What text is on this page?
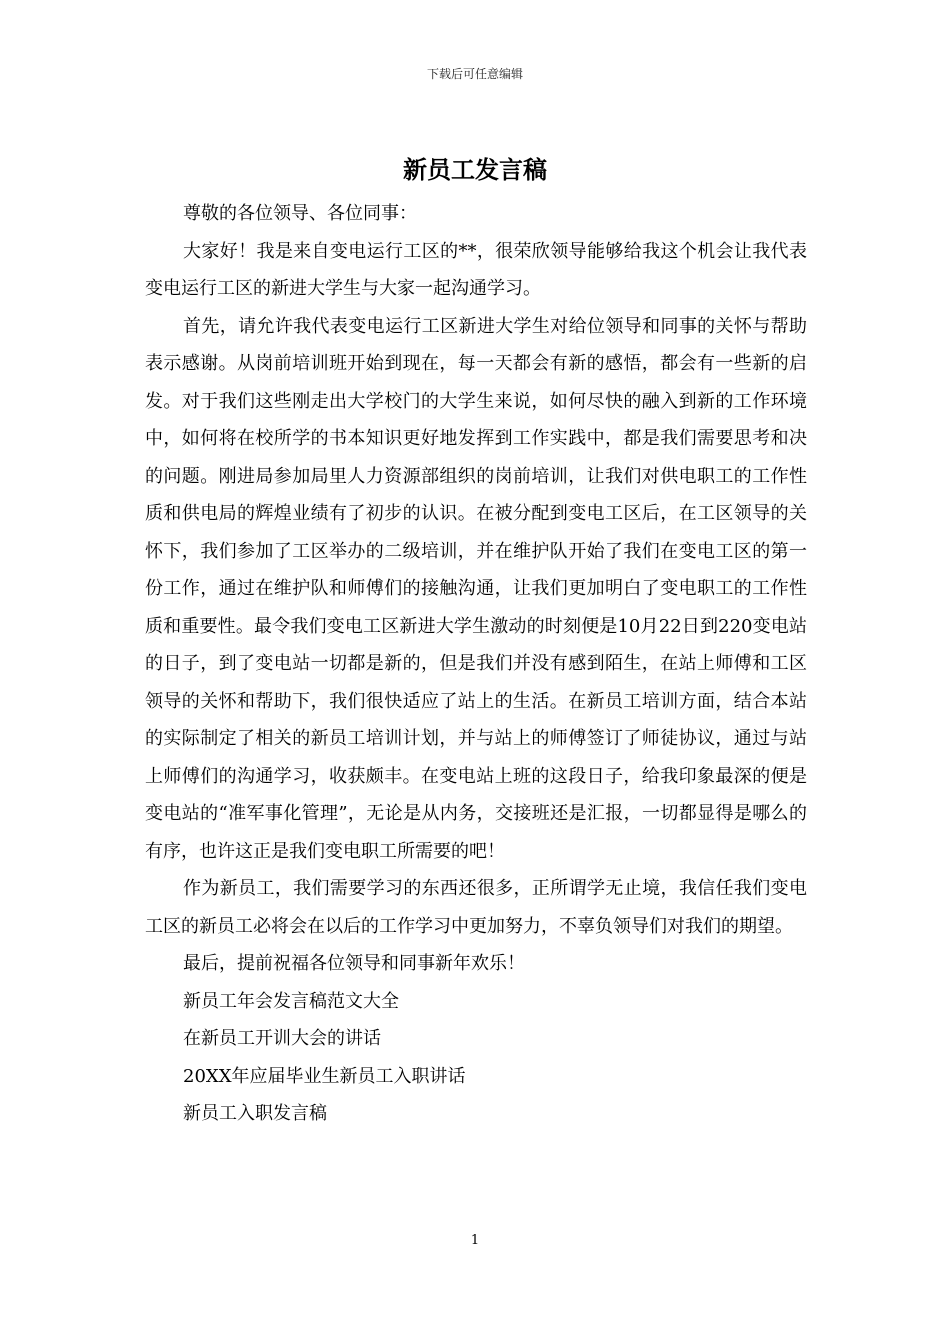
下载后可任意编辑
新员工发言稿

尊敬的各位领导、各位同事：

大家好！我是来自变电运行工区的**，很荣欣领导能够给我这个机会让我代表变电运行工区的新进大学生与大家一起沟通学习。

首先，请允许我代表变电运行工区新进大学生对给位领导和同事的关怀与帮助表示感谢。从岗前培训班开始到现在，每一天都会有新的感悟，都会有一些新的启发。对于我们这些刚走出大学校门的大学生来说，如何尽快的融入到新的工作环境中，如何将在校所学的书本知识更好地发挥到工作实践中，都是我们需要思考和决的问题。刚进局参加局里人力资源部组织的岗前培训，让我们对供电职工的工作性质和供电局的辉煌业绩有了初步的认识。在被分配到变电工区后，在工区领导的关怀下，我们参加了工区举办的二级培训，并在维护队开始了我们在变电工区的第一份工作，通过在维护队和师傅们的接触沟通，让我们更加明白了变电职工的工作性质和重要性。最令我们变电工区新进大学生激动的时刻便是10月22日到220变电站的日子，到了变电站一切都是新的，但是我们并没有感到陌生，在站上师傅和工区领导的关怀和帮助下，我们很快适应了站上的生活。在新员工培训方面，结合本站的实际制定了相关的新员工培训计划，并与站上的师傅签订了师徒协议，通过与站上师傅们的沟通学习，收获颇丰。在变电站上班的这段日子，给我印象最深的便是变电站的“准军事化管理”，无论是从内务，交接班还是汇报，一切都显得是哪么的有序，也许这正是我们变电职工所需要的吧！

作为新员工，我们需要学习的东西还很多，正所谓学无止境，我信任我们变电工区的新员工必将会在以后的工作学习中更加努力，不辜负领导们对我们的期望。

最后，提前祝福各位领导和同事新年欢乐！

新员工年会发言稿范文大全

在新员工开训大会的讲话

20XX年应届毕业生新员工入职讲话

新员工入职发言稿

1
